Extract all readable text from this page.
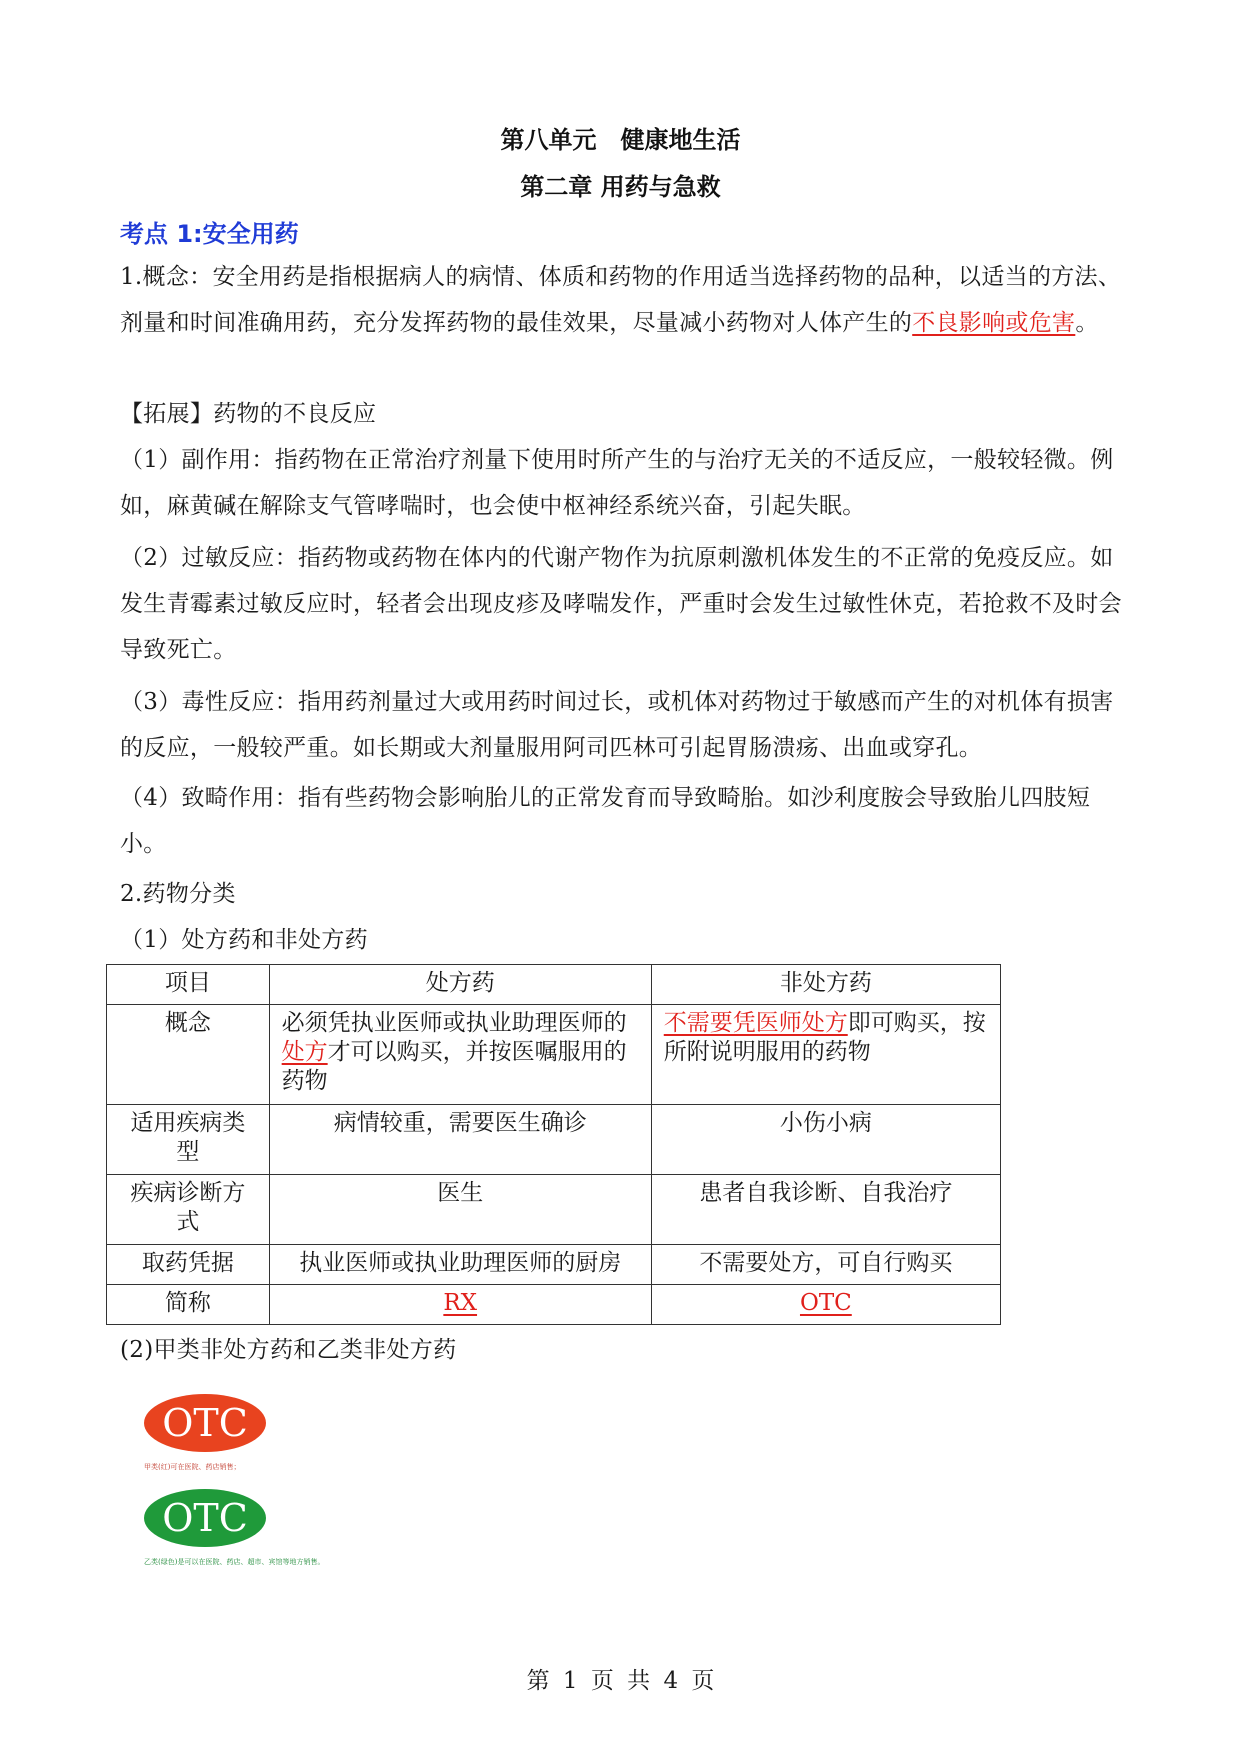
第八单元　健康地生活
第二章 用药与急救
考点 1:安全用药
1.概念：安全用药是指根据病人的病情、体质和药物的作用适当选择药物的品种，以适当的方法、剂量和时间准确用药，充分发挥药物的最佳效果，尽量减小药物对人体产生的不良影响或危害。
【拓展】药物的不良反应
（1）副作用：指药物在正常治疗剂量下使用时所产生的与治疗无关的不适反应，一般较轻微。例如，麻黄碱在解除支气管哮喘时，也会使中枢神经系统兴奋，引起失眠。
（2）过敏反应：指药物或药物在体内的代谢产物作为抗原刺激机体发生的不正常的免疫反应。如发生青霉素过敏反应时，轻者会出现皮疹及哮喘发作，严重时会发生过敏性休克，若抢救不及时会导致死亡。
（3）毒性反应：指用药剂量过大或用药时间过长，或机体对药物过于敏感而产生的对机体有损害的反应，一般较严重。如长期或大剂量服用阿司匹林可引起胃肠溃疡、出血或穿孔。
（4）致畸作用：指有些药物会影响胎儿的正常发育而导致畸胎。如沙利度胺会导致胎儿四肢短小。
2.药物分类
（1）处方药和非处方药
项目	处方药	非处方药
概念	必须凭执业医师或执业助理医师的处方才可以购买，并按医嘱服用的药物	不需要凭医师处方即可购买，按所附说明服用的药物
适用疾病类型	病情较重，需要医生确诊	小伤小病
疾病诊断方式	医生	患者自我诊断、自我治疗
取药凭据	执业医师或执业助理医师的厨房	不需要处方，可自行购买
简称	RX	OTC
(2)甲类非处方药和乙类非处方药
OTC
甲类(红)可在医院、药店销售；
OTC
乙类(绿色)是可以在医院、药店、超市、宾馆等地方销售。
第 1 页 共 4 页
